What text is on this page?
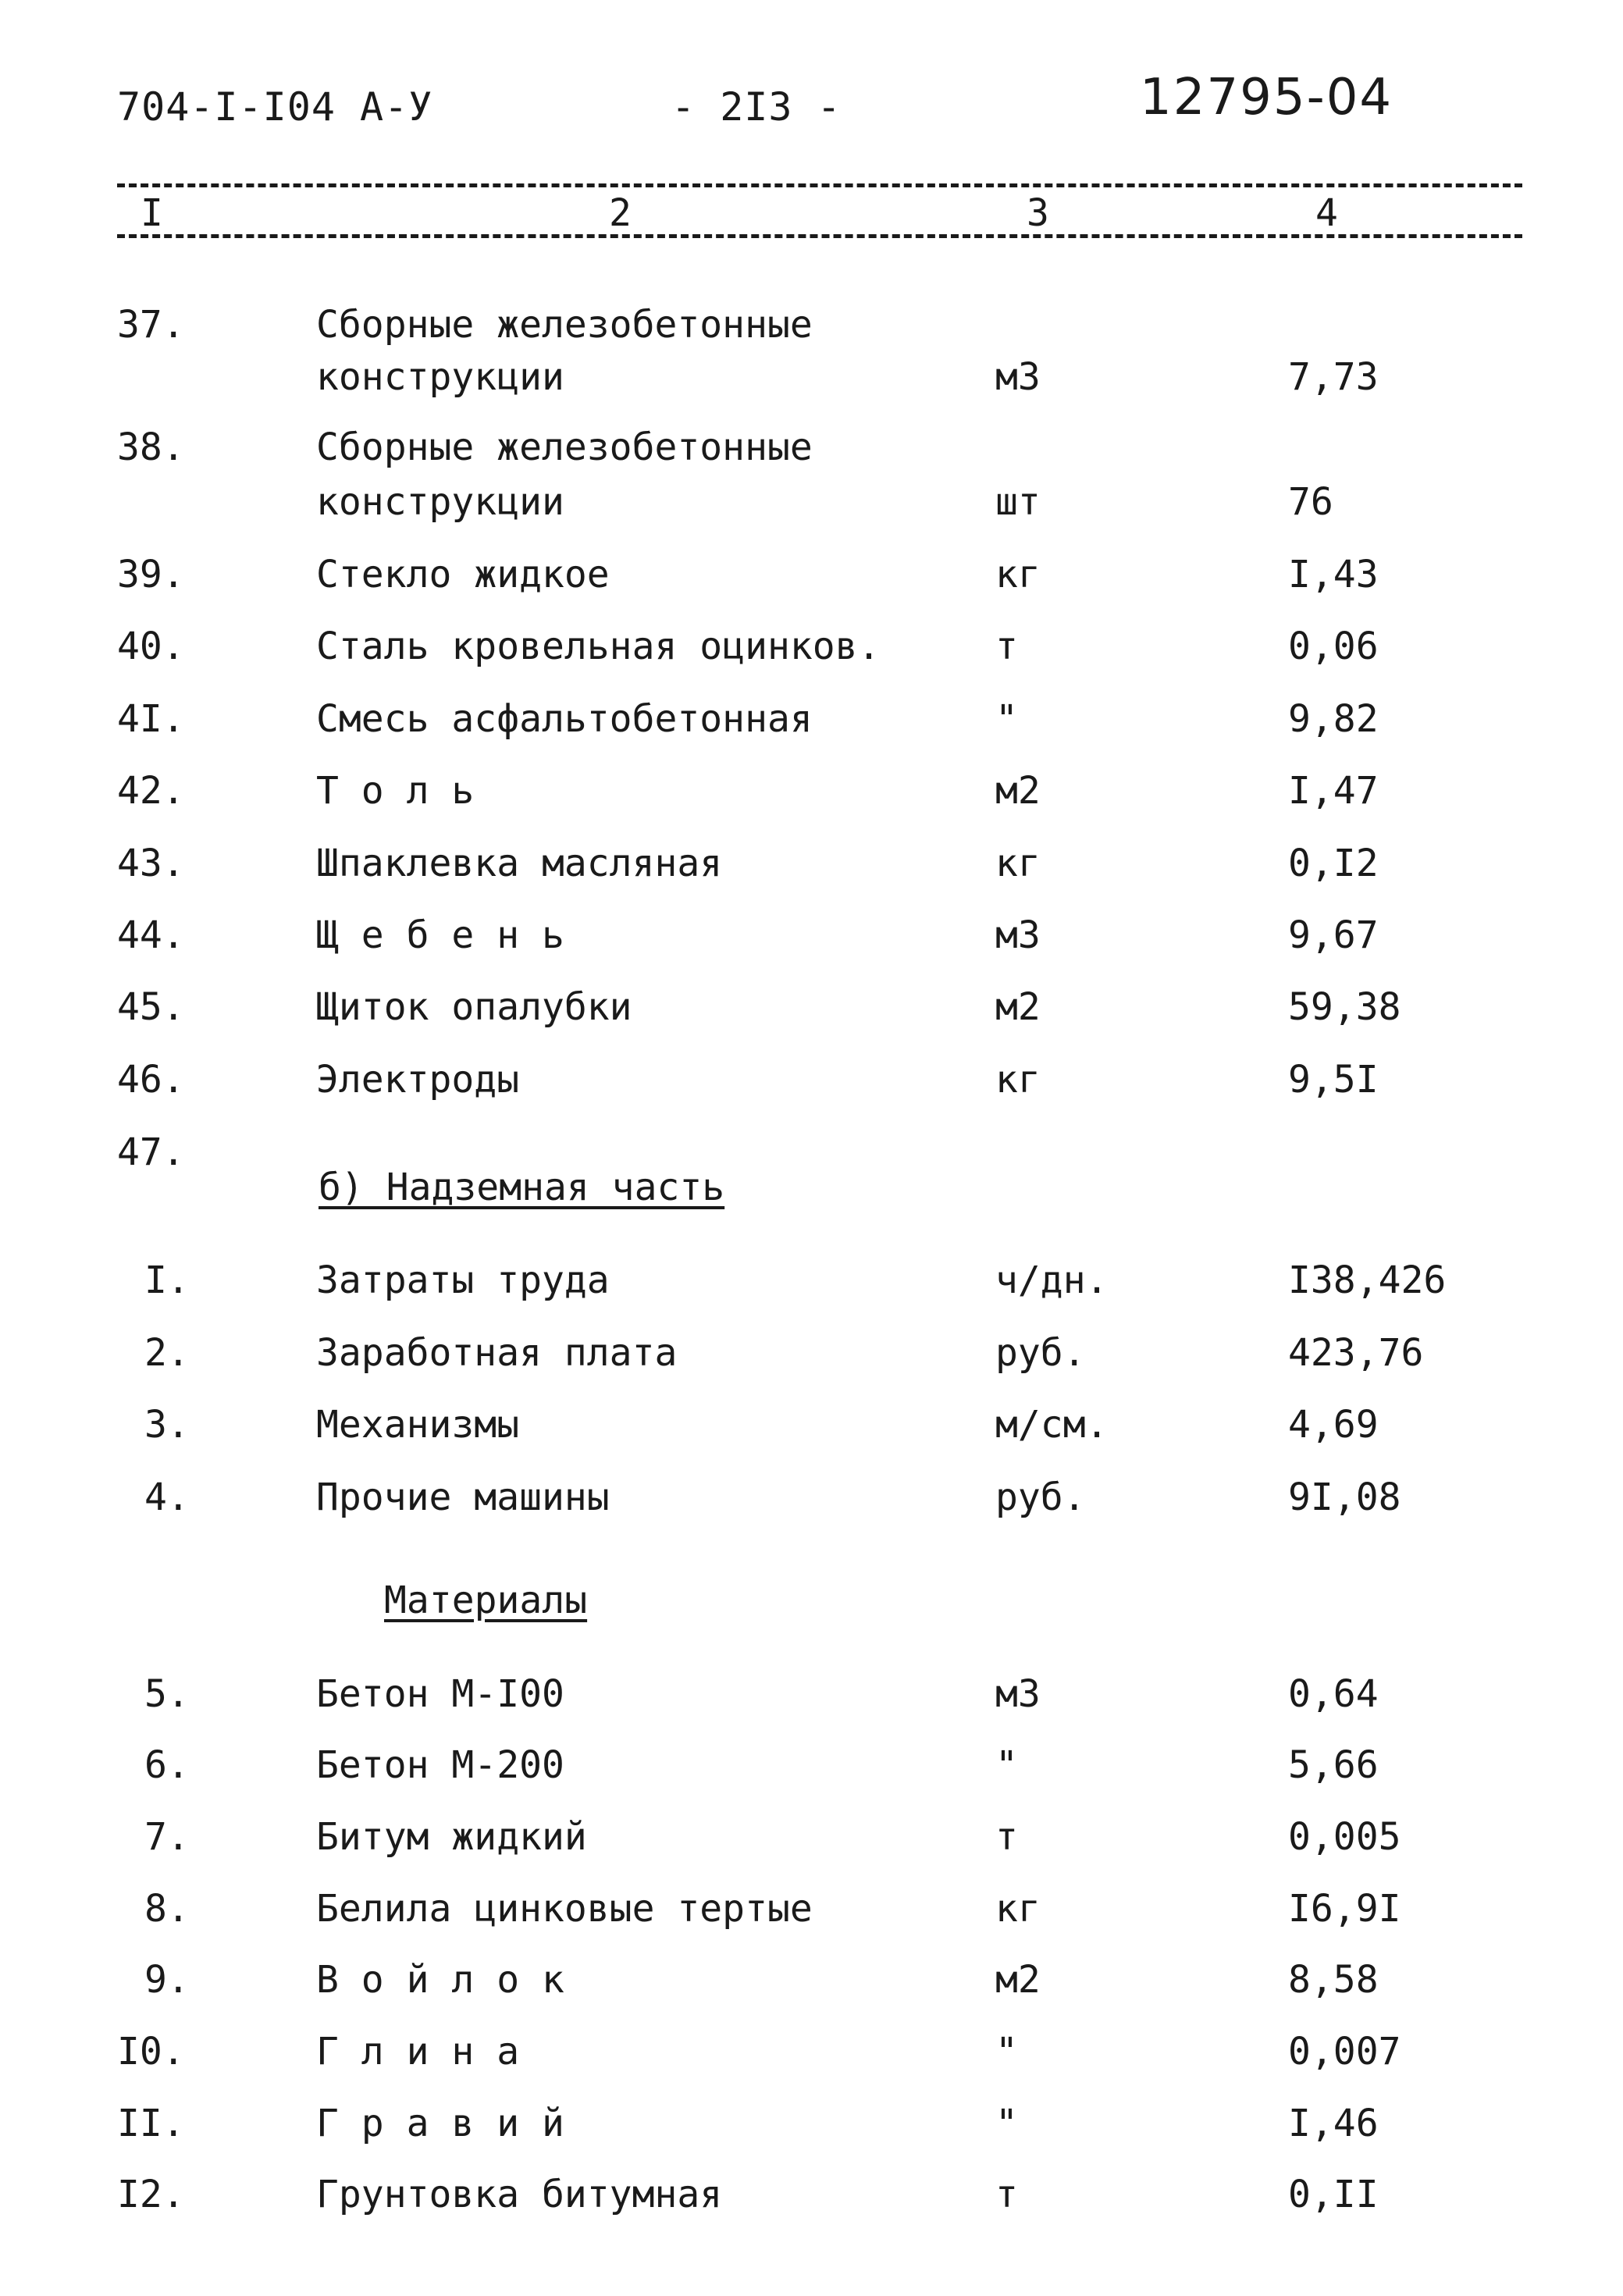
704-I-I04 А-У	- 2I3 -	12795-04
I	2	3	4
37.	Сборные железобетонные
конструкции	м3	7,73
38.	Сборные железобетонные
конструкции	шт	76
39.	Стекло жидкое	кг	I,43
40.	Сталь кровельная оцинков.	т	0,06
4I.	Смесь асфальтобетонная	"	9,82
42.	Т о л ь	м2	I,47
43.	Шпаклевка масляная	кг	0,I2
44.	Щ е б е н ь	м3	9,67
45.	Щиток опалубки	м2	59,38
46.	Электроды	кг	9,5I
47.
б) Надземная часть
I.	Затраты труда	ч/дн.	I38,426
2.	Заработная плата	руб.	423,76
3.	Механизмы	м/см.	4,69
4.	Прочие машины	руб.	9I,08
Материалы
5.	Бетон М-I00	м3	0,64
6.	Бетон М-200	"	5,66
7.	Битум жидкий	т	0,005
8.	Белила цинковые тертые	кг	I6,9I
9.	В о й л о к	м2	8,58
I0.	Г л и н а	"	0,007
II.	Г р а в и й	"	I,46
I2.	Грунтовка битумная	т	0,II
